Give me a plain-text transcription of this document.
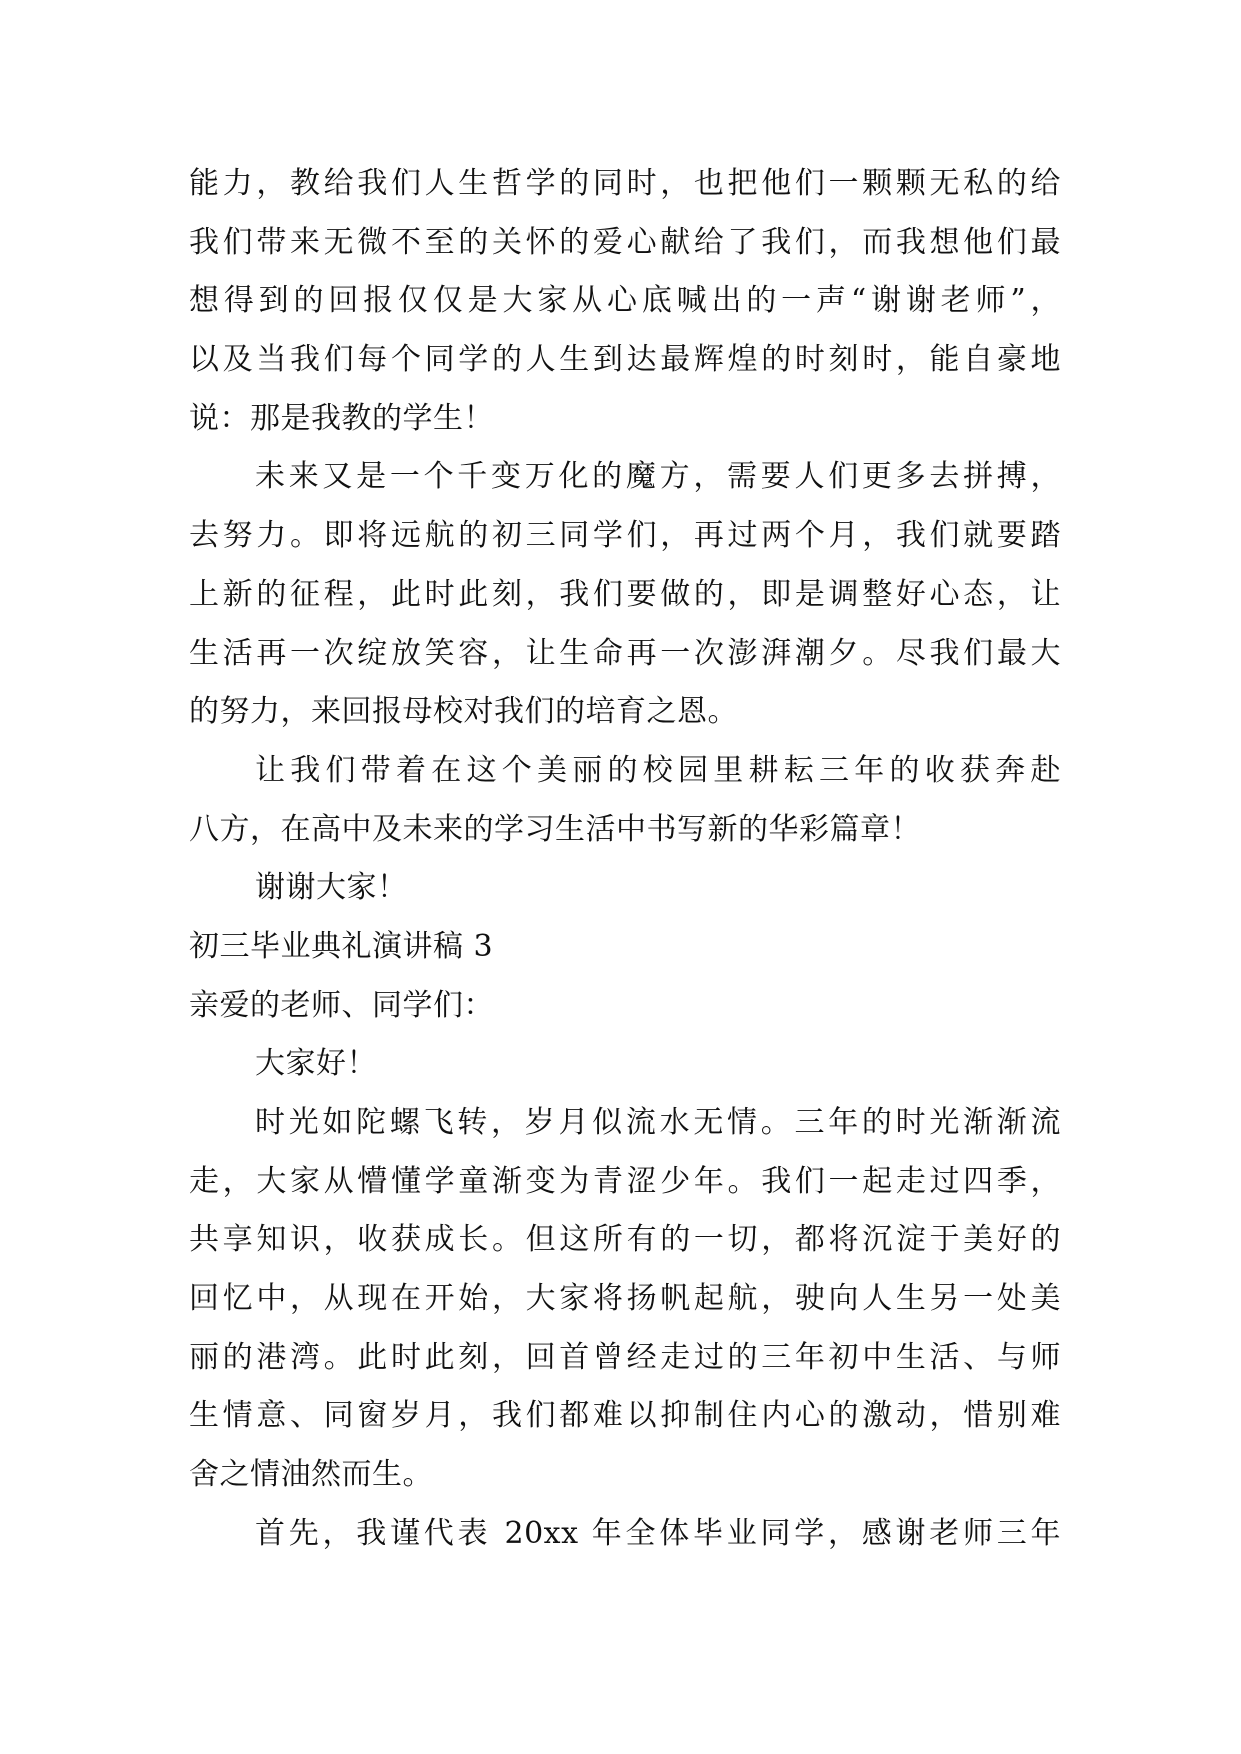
能力，教给我们人生哲学的同时，也把他们一颗颗无私的给
我们带来无微不至的关怀的爱心献给了我们，而我想他们最
想得到的回报仅仅是大家从心底喊出的一声“谢谢老师”，
以及当我们每个同学的人生到达最辉煌的时刻时，能自豪地
说：那是我教的学生！
未来又是一个千变万化的魔方，需要人们更多去拼搏，
去努力。即将远航的初三同学们，再过两个月，我们就要踏
上新的征程，此时此刻，我们要做的，即是调整好心态，让
生活再一次绽放笑容，让生命再一次澎湃潮夕。尽我们最大
的努力，来回报母校对我们的培育之恩。
让我们带着在这个美丽的校园里耕耘三年的收获奔赴
八方，在高中及未来的学习生活中书写新的华彩篇章！
谢谢大家！
初三毕业典礼演讲稿 3
亲爱的老师、同学们：
大家好！
时光如陀螺飞转，岁月似流水无情。三年的时光渐渐流
走，大家从懵懂学童渐变为青涩少年。我们一起走过四季，
共享知识，收获成长。但这所有的一切，都将沉淀于美好的
回忆中，从现在开始，大家将扬帆起航，驶向人生另一处美
丽的港湾。此时此刻，回首曾经走过的三年初中生活、与师
生情意、同窗岁月，我们都难以抑制住内心的激动，惜别难
舍之情油然而生。
首先，我谨代表 20xx 年全体毕业同学，感谢老师三年
